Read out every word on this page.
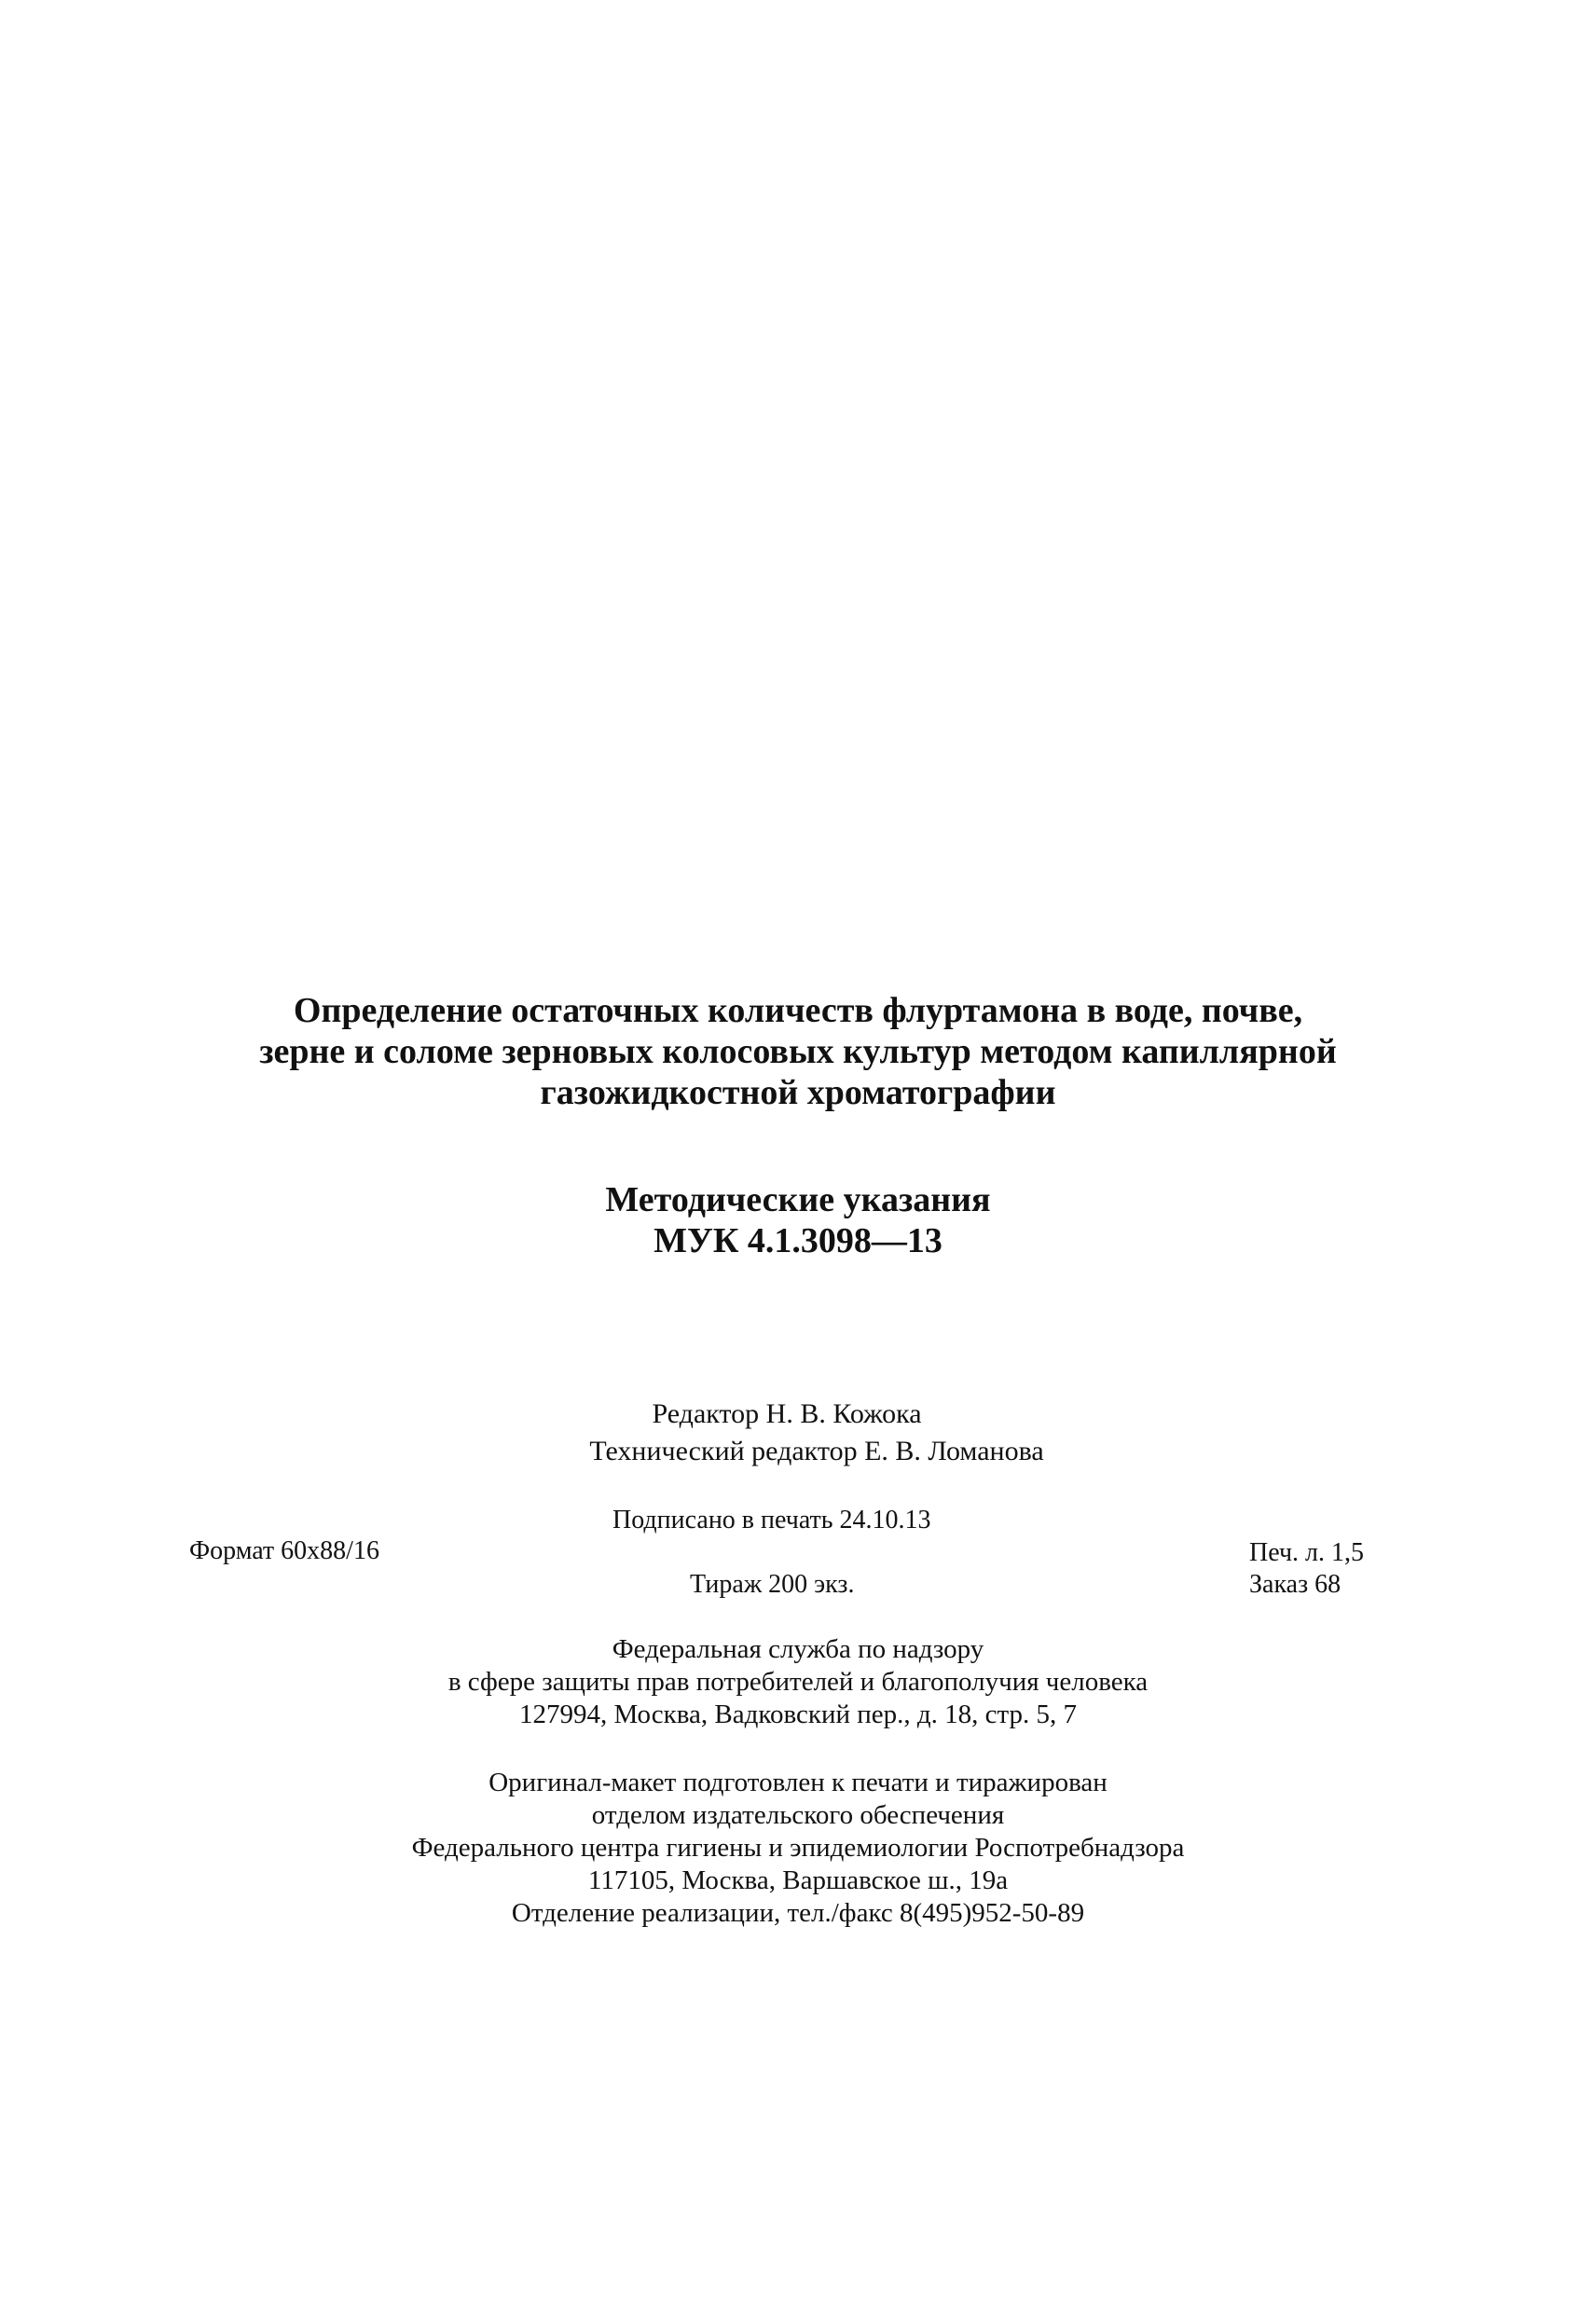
Определение остаточных количеств флуртамона в воде, почве,
зерне и соломе зерновых колосовых культур методом капиллярной
газожидкостной хроматографии
Методические указания
МУК 4.1.3098—13
Редактор Н. В. Кожока
Технический редактор Е. В. Ломанова
Подписано в печать 24.10.13
Формат 60x88/16	Печ. л. 1,5
Тираж 200 экз.	Заказ 68
Федеральная служба по надзору
в сфере защиты прав потребителей и благополучия человека
127994, Москва, Вадковский пер., д. 18, стр. 5, 7
Оригинал-макет подготовлен к печати и тиражирован
отделом издательского обеспечения
Федерального центра гигиены и эпидемиологии Роспотребнадзора
117105, Москва, Варшавское ш., 19а
Отделение реализации, тел./факс 8(495)952-50-89
